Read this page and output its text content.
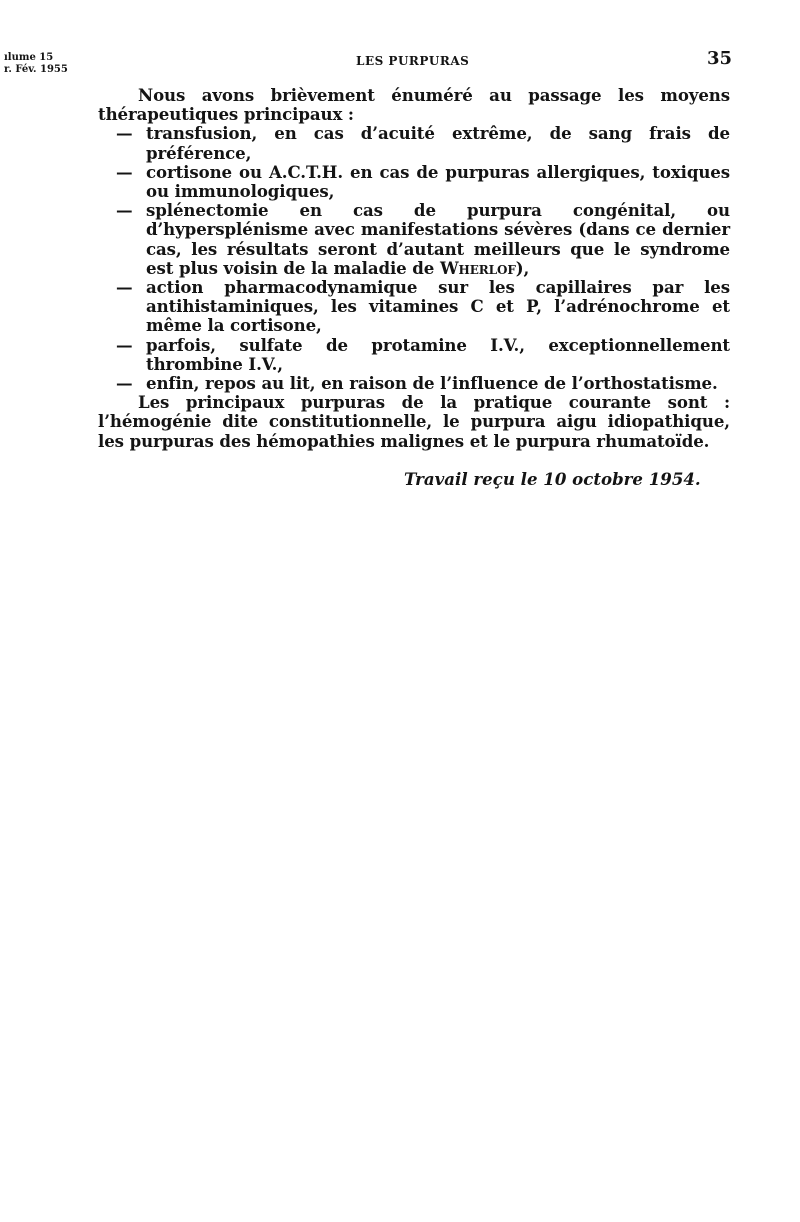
ılume 15
r. Fév. 1955
LES PURPURAS	35

Nous avons brièvement énuméré au passage les moyens thérapeutiques principaux :

— transfusion, en cas d’acuité extrême, de sang frais de préférence,
— cortisone ou A.C.T.H. en cas de purpuras allergiques, toxiques ou immunologiques,
— splénectomie en cas de purpura congénital, ou d’hypersplénisme avec manifestations sévères (dans ce dernier cas, les résultats seront d’autant meilleurs que le syndrome est plus voisin de la maladie de Wherlof),
— action pharmacodynamique sur les capillaires par les antihistaminiques, les vitamines C et P, l’adrénochrome et même la cortisone,
— parfois, sulfate de protamine I.V., exceptionnellement thrombine I.V.,
— enfin, repos au lit, en raison de l’influence de l’orthostatisme.

Les principaux purpuras de la pratique courante sont : l’hémogénie dite constitutionnelle, le purpura aigu idiopathique, les purpuras des hémopathies malignes et le purpura rhumatoïde.

Travail reçu le 10 octobre 1954.
